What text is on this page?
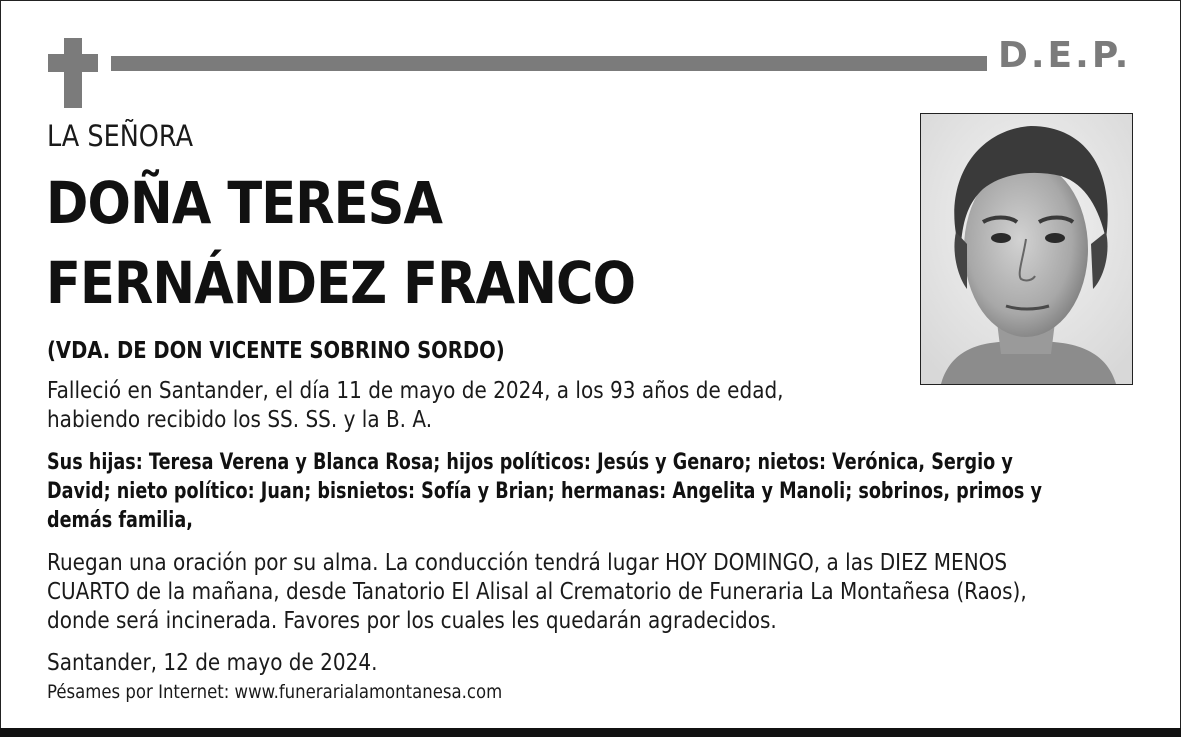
D.E.P.
LA SEÑORA
DOÑA TERESA
FERNÁNDEZ FRANCO
(VDA. DE DON VICENTE SOBRINO SORDO)
Falleció en Santander, el día 11 de mayo de 2024, a los 93 años de edad,
habiendo recibido los SS. SS. y la B. A.
Sus hijas: Teresa Verena y Blanca Rosa; hijos políticos: Jesús y Genaro; nietos: Verónica, Sergio y
David; nieto político: Juan; bisnietos: Sofía y Brian; hermanas: Angelita y Manoli; sobrinos, primos y
demás familia,
Ruegan una oración por su alma. La conducción tendrá lugar HOY DOMINGO, a las DIEZ MENOS
CUARTO de la mañana, desde Tanatorio El Alisal al Crematorio de Funeraria La Montañesa (Raos),
donde será incinerada. Favores por los cuales les quedarán agradecidos.
Santander, 12 de mayo de 2024.
Pésames por Internet: www.funerarialamontanesa.com
